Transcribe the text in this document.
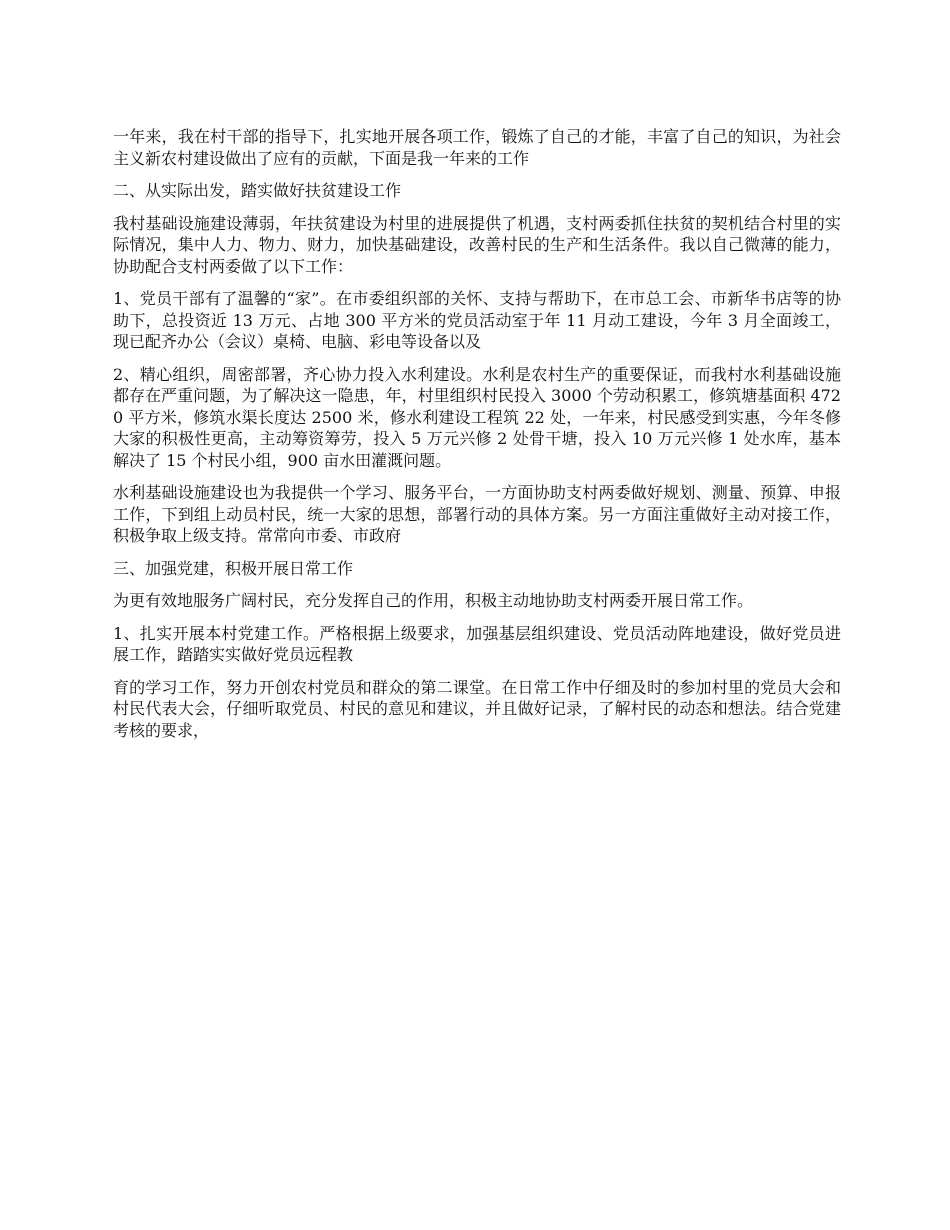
一年来，我在村干部的指导下，扎实地开展各项工作，锻炼了自己的才能，丰富了自己的知识，为社会主义新农村建设做出了应有的贡献，下面是我一年来的工作

二、从实际出发，踏实做好扶贫建设工作

我村基础设施建设薄弱，年扶贫建设为村里的进展提供了机遇，支村两委抓住扶贫的契机结合村里的实际情况，集中人力、物力、财力，加快基础建设，改善村民的生产和生活条件。我以自己微薄的能力，协助配合支村两委做了以下工作：

1、党员干部有了温馨的“家”。在市委组织部的关怀、支持与帮助下，在市总工会、市新华书店等的协助下，总投资近 13 万元、占地 300 平方米的党员活动室于年 11 月动工建设，今年 3 月全面竣工，现已配齐办公（会议）桌椅、电脑、彩电等设备以及

2、精心组织，周密部署，齐心协力投入水利建设。水利是农村生产的重要保证，而我村水利基础设施都存在严重问题，为了解决这一隐患，年，村里组织村民投入 3000 个劳动积累工，修筑塘基面积 4720 平方米，修筑水渠长度达 2500 米，修水利建设工程筑 22 处，一年来，村民感受到实惠，今年冬修大家的积极性更高，主动筹资筹劳，投入 5 万元兴修 2 处骨干塘，投入 10 万元兴修 1 处水库，基本解决了 15 个村民小组，900 亩水田灌溉问题。

水利基础设施建设也为我提供一个学习、服务平台，一方面协助支村两委做好规划、测量、预算、申报工作，下到组上动员村民，统一大家的思想，部署行动的具体方案。另一方面注重做好主动对接工作，积极争取上级支持。常常向市委、市政府

三、加强党建，积极开展日常工作

为更有效地服务广阔村民，充分发挥自己的作用，积极主动地协助支村两委开展日常工作。

1、扎实开展本村党建工作。严格根据上级要求，加强基层组织建设、党员活动阵地建设，做好党员进展工作，踏踏实实做好党员远程教

育的学习工作，努力开创农村党员和群众的第二课堂。在日常工作中仔细及时的参加村里的党员大会和村民代表大会，仔细听取党员、村民的意见和建议，并且做好记录，了解村民的动态和想法。结合党建考核的要求，
